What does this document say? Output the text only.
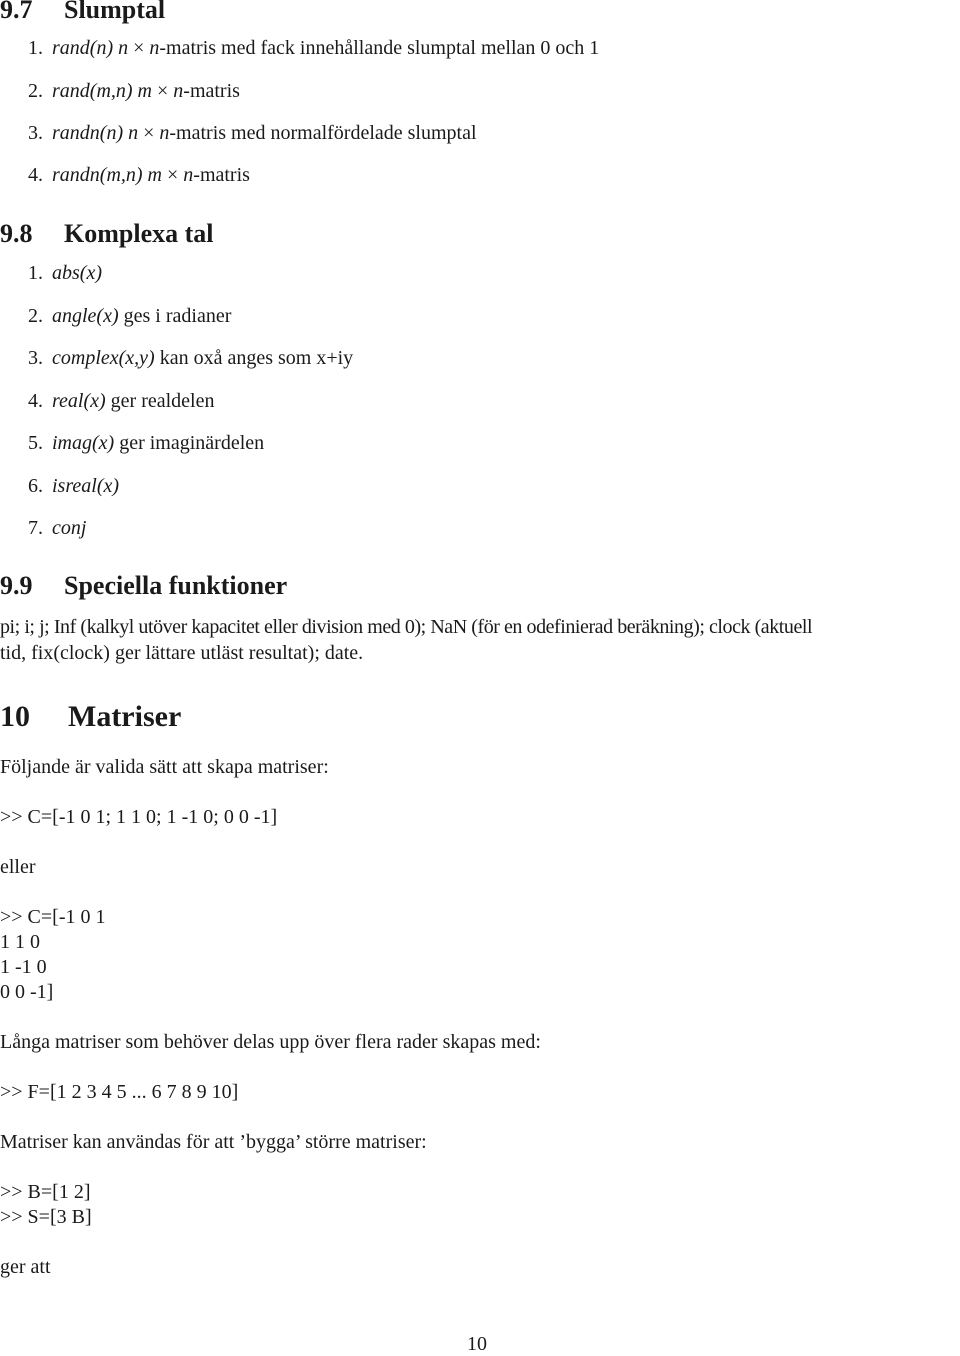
9.7 Slumptal
1. rand(n) n × n-matris med fack innehållande slumptal mellan 0 och 1
2. rand(m,n) m × n-matris
3. randn(n) n × n-matris med normalfördelade slumptal
4. randn(m,n) m × n-matris
9.8 Komplexa tal
1. abs(x)
2. angle(x) ges i radianer
3. complex(x,y) kan oxå anges som x+iy
4. real(x) ger realdelen
5. imag(x) ger imaginärdelen
6. isreal(x)
7. conj
9.9 Speciella funktioner
pi; i; j; Inf (kalkyl utöver kapacitet eller division med 0); NaN (för en odefinierad beräkning); clock (aktuell
tid, fix(clock) ger lättare utläst resultat); date.
10 Matriser
Följande är valida sätt att skapa matriser:
>> C=[-1 0 1; 1 1 0; 1 -1 0; 0 0 -1]
eller
>> C=[-1 0 1
1 1 0
1 -1 0
0 0 -1]
Långa matriser som behöver delas upp över flera rader skapas med:
>> F=[1 2 3 4 5 ... 6 7 8 9 10]
Matriser kan användas för att ’bygga’ större matriser:
>> B=[1 2]
>> S=[3 B]
ger att
10
